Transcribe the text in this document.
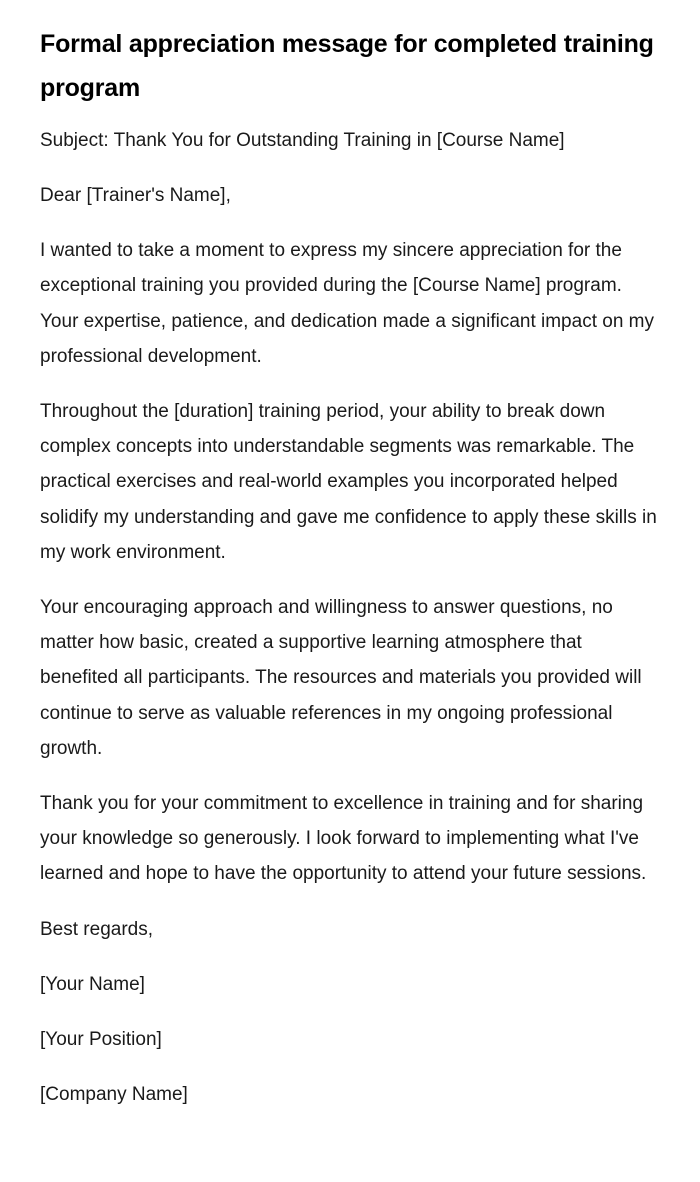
Formal appreciation message for completed training program

Subject: Thank You for Outstanding Training in [Course Name]

Dear [Trainer's Name],

I wanted to take a moment to express my sincere appreciation for the exceptional training you provided during the [Course Name] program. Your expertise, patience, and dedication made a significant impact on my professional development.

Throughout the [duration] training period, your ability to break down complex concepts into understandable segments was remarkable. The practical exercises and real-world examples you incorporated helped solidify my understanding and gave me confidence to apply these skills in my work environment.

Your encouraging approach and willingness to answer questions, no matter how basic, created a supportive learning atmosphere that benefited all participants. The resources and materials you provided will continue to serve as valuable references in my ongoing professional growth.

Thank you for your commitment to excellence in training and for sharing your knowledge so generously. I look forward to implementing what I've learned and hope to have the opportunity to attend your future sessions.

Best regards,

[Your Name]

[Your Position]

[Company Name]
